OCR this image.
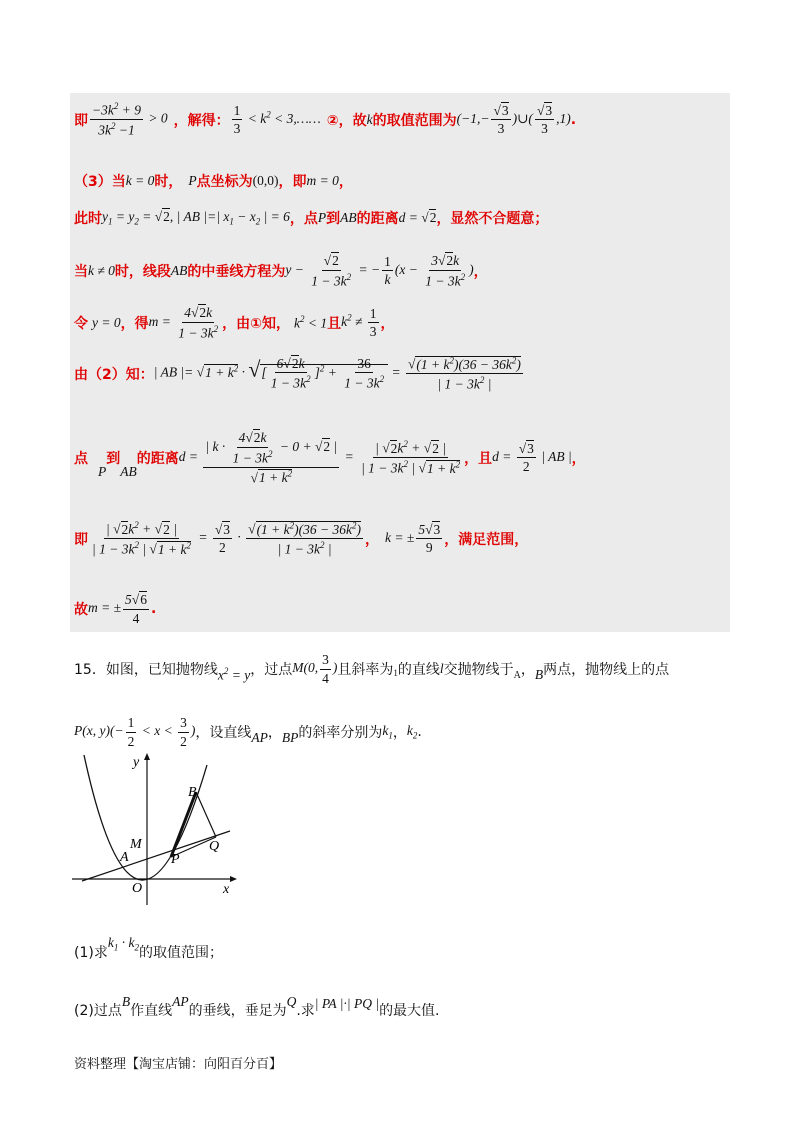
即 $\frac{-3k^2 + 9}{3k^2 -1} > 0$ ，解得： $\frac{1}{3} < k^2$ < 3,…… ②，故 k 的取值范围为 ($-1,- \frac{√3}{3}$ )∪( $\frac{√3}{3} ,1$) .
（3）当 k = 0 时， P 点坐标为 (0,0) ，即 m = 0 ，
此时 $y_1 = y_2 = √2$, | AB |=| $x_1 - x_2$ | = 6 ，点 P 到 AB 的距离 d = √2 ，显然不合题意；
当 k ≠ 0 时，线段 AB 的中垂线方程为 $y - \frac{√2}{1 - 3k^2}$ = − $\frac{1}{k} (x - \frac{3√2k}{1 - 3k^2}$ ) ，
令 y = 0 ，得 $m = \frac{4√2k}{1 - 3k^2}$ ，由①知， $k^2 < 1$ 且 $k^2 \ne \frac{1}{3}$ ，
由（2）知： | AB |= $√1 + k^2$ · √[ $\frac{6√2k}{1 - 3k^2} ]^2 + \frac{36}{1 - 3k^2} = \frac{√(1 + k^2)(36 - 36k^2)}{| 1 - 3k^2 |}$
点
P
到
AB
的距离 $d = \frac{| k \cdot \frac{4√2k}{1 - 3k^2} - 0 + √2 |}{√1 + k^2} = \frac{| √2k^2 + √2 |}{| 1 - 3k^2 | √1 + k^2}$ ，且 $d = \frac{√3}{2}$ | AB | ，
即 $\frac{| √2k^2 + √2 |}{| 1 - 3k^2 | √1 + k^2} = \frac{√3}{2} \cdot \frac{√(1 + k^2)(36 - 36k^2)}{| 1 - 3k^2 |}$ ， k = ± $\frac{5√3}{9}$ ，满足范围，
故 m = ± $\frac{5√6}{4}$ .
15．如图，已知抛物线 $x^2 = y$ ，过点 M(0, $\frac{3}{4}$ ) 且斜率为 1 的直线 l 交抛物线于 A ， B 两点，抛物线上的点
P(x, $y)(- \frac{1}{2} < x < \frac{3}{2}$ ) ，设直线 AP ， BP 的斜率分别为 $k_1$ ， $k_2$ .
y
x
O
M
A	P
B
Q
(1)求
$k_1 \cdot k_2$ 的取值范围；
(2)过点
B
作直线
AP
的垂线，垂足为
Q
.求 | PA |·| PQ | 的最大值.
资料整理【淘宝店铺：向阳百分百】
